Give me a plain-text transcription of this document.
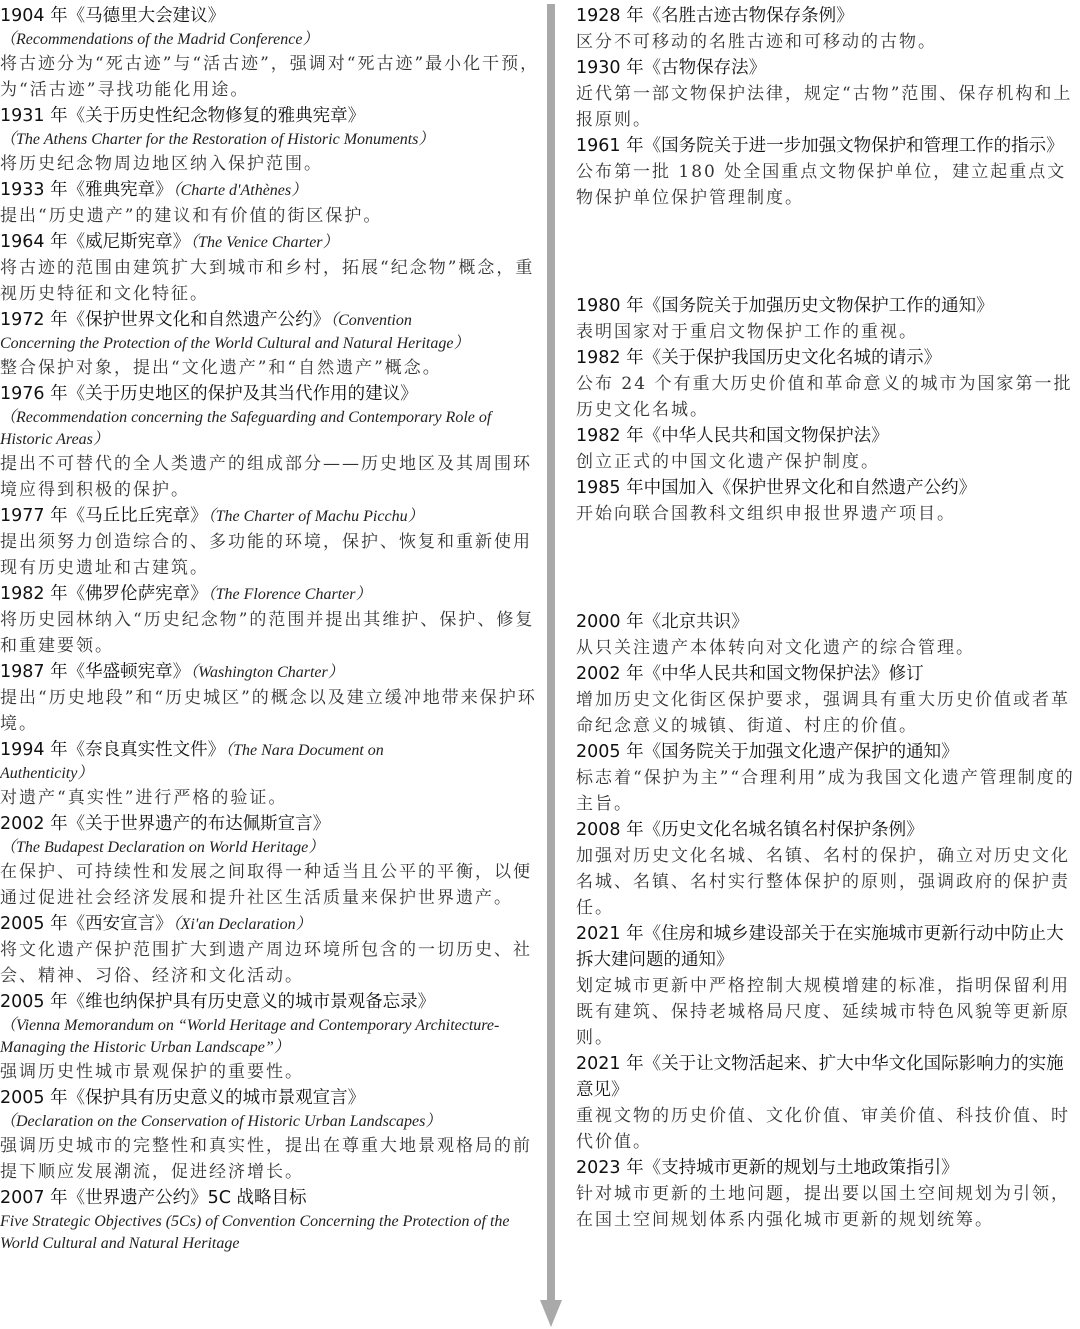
1904 年《马德里大会建议》
（Recommendations of the Madrid Conference）
将古迹分为“死古迹”与“活古迹”，强调对“死古迹”最小化干预，为“活古迹”寻找功能化用途。
1931 年《关于历史性纪念物修复的雅典宪章》
（The Athens Charter for the Restoration of Historic Monuments）
将历史纪念物周边地区纳入保护范围。
1933 年《雅典宪章》（Charte d'Athènes）
提出“历史遗产”的建议和有价值的街区保护。
1964 年《威尼斯宪章》（The Venice Charter）
将古迹的范围由建筑扩大到城市和乡村，拓展“纪念物”概念，重视历史特征和文化特征。
1972 年《保护世界文化和自然遗产公约》（Convention
Concerning the Protection of the World Cultural and Natural Heritage）
整合保护对象，提出“文化遗产”和“自然遗产”概念。
1976 年《关于历史地区的保护及其当代作用的建议》
（Recommendation concerning the Safeguarding and Contemporary Role of Historic Areas）
提出不可替代的全人类遗产的组成部分——历史地区及其周围环境应得到积极的保护。
1977 年《马丘比丘宪章》（The Charter of Machu Picchu）
提出须努力创造综合的、多功能的环境，保护、恢复和重新使用现有历史遗址和古建筑。
1982 年《佛罗伦萨宪章》（The Florence Charter）
将历史园林纳入“历史纪念物”的范围并提出其维护、保护、修复和重建要领。
1987 年《华盛顿宪章》（Washington Charter）
提出“历史地段”和“历史城区”的概念以及建立缓冲地带来保护环境。
1994 年《奈良真实性文件》（The Nara Document on
Authenticity）
对遗产“真实性”进行严格的验证。
2002 年《关于世界遗产的布达佩斯宣言》
（The Budapest Declaration on World Heritage）
在保护、可持续性和发展之间取得一种适当且公平的平衡，以便通过促进社会经济发展和提升社区生活质量来保护世界遗产。
2005 年《西安宣言》（Xi'an Declaration）
将文化遗产保护范围扩大到遗产周边环境所包含的一切历史、社会、精神、习俗、经济和文化活动。
2005 年《维也纳保护具有历史意义的城市景观备忘录》
（Vienna Memorandum on “World Heritage and Contemporary Architecture-Managing the Historic Urban Landscape”）
强调历史性城市景观保护的重要性。
2005 年《保护具有历史意义的城市景观宣言》
（Declaration on the Conservation of Historic Urban Landscapes）
强调历史城市的完整性和真实性，提出在尊重大地景观格局的前提下顺应发展潮流，促进经济增长。
2007 年《世界遗产公约》5C 战略目标
Five Strategic Objectives (5Cs) of Convention Concerning the Protection of the World Cultural and Natural Heritage
1928 年《名胜古迹古物保存条例》
区分不可移动的名胜古迹和可移动的古物。
1930 年《古物保存法》
近代第一部文物保护法律，规定“古物”范围、保存机构和上报原则。
1961 年《国务院关于进一步加强文物保护和管理工作的指示》
公布第一批 180 处全国重点文物保护单位，建立起重点文物保护单位保护管理制度。
1980 年《国务院关于加强历史文物保护工作的通知》
表明国家对于重启文物保护工作的重视。
1982 年《关于保护我国历史文化名城的请示》
公布 24 个有重大历史价值和革命意义的城市为国家第一批历史文化名城。
1982 年《中华人民共和国文物保护法》
创立正式的中国文化遗产保护制度。
1985 年中国加入《保护世界文化和自然遗产公约》
开始向联合国教科文组织申报世界遗产项目。
2000 年《北京共识》
从只关注遗产本体转向对文化遗产的综合管理。
2002 年《中华人民共和国文物保护法》修订
增加历史文化街区保护要求，强调具有重大历史价值或者革命纪念意义的城镇、街道、村庄的价值。
2005 年《国务院关于加强文化遗产保护的通知》
标志着“保护为主”“合理利用”成为我国文化遗产管理制度的主旨。
2008 年《历史文化名城名镇名村保护条例》
加强对历史文化名城、名镇、名村的保护，确立对历史文化名城、名镇、名村实行整体保护的原则，强调政府的保护责任。
2021 年《住房和城乡建设部关于在实施城市更新行动中防止大拆大建问题的通知》
划定城市更新中严格控制大规模增建的标准，指明保留利用既有建筑、保持老城格局尺度、延续城市特色风貌等更新原则。
2021 年《关于让文物活起来、扩大中华文化国际影响力的实施意见》
重视文物的历史价值、文化价值、审美价值、科技价值、时代价值。
2023 年《支持城市更新的规划与土地政策指引》
针对城市更新的土地问题，提出要以国土空间规划为引领，在国土空间规划体系内强化城市更新的规划统筹。
